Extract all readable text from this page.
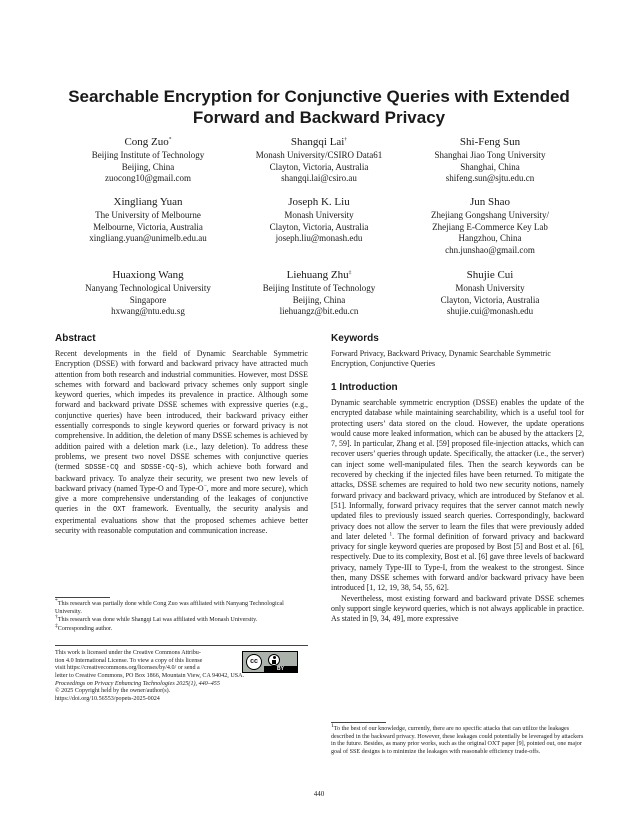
Searchable Encryption for Conjunctive Queries with Extended
Forward and Backward Privacy
Cong Zuo*
Beijing Institute of Technology
Beijing, China
zuocong10@gmail.com
Shangqi Lai†
Monash University/CSIRO Data61
Clayton, Victoria, Australia
shangqi.lai@csiro.au
Shi-Feng Sun
Shanghai Jiao Tong University
Shanghai, China
shifeng.sun@sjtu.edu.cn
Xingliang Yuan
The University of Melbourne
Melbourne, Victoria, Australia
xingliang.yuan@unimelb.edu.au
Joseph K. Liu
Monash University
Clayton, Victoria, Australia
joseph.liu@monash.edu
Jun Shao
Zhejiang Gongshang University/
Zhejiang E-Commerce Key Lab
Hangzhou, China
chn.junshao@gmail.com
Huaxiong Wang
Nanyang Technological University
Singapore
hxwang@ntu.edu.sg
Liehuang Zhu‡
Beijing Institute of Technology
Beijing, China
liehuangz@bit.edu.cn
Shujie Cui
Monash University
Clayton, Victoria, Australia
shujie.cui@monash.edu
Abstract

Recent developments in the field of Dynamic Searchable Symmetric Encryption (DSSE) with forward and backward privacy have attracted much attention from both research and industrial communities. However, most DSSE schemes with forward and backward privacy schemes only support single keyword queries, which impedes its prevalence in practice. Although some forward and backward private DSSE schemes with expressive queries (e.g., conjunctive queries) have been introduced, their backward privacy either essentially corresponds to single keyword queries or forward privacy is not comprehensive. In addition, the deletion of many DSSE schemes is achieved by addition paired with a deletion mark (i.e., lazy deletion). To address these problems, we present two novel DSSE schemes with conjunctive queries (termed SDSSE-CQ and SDSSE-CQ-S), which achieve both forward and backward privacy. To analyze their security, we present two new levels of backward privacy (named Type-O and Type-O−, more and more secure), which give a more comprehensive understanding of the leakages of conjunctive queries in the OXT framework. Eventually, the security analysis and experimental evaluations show that the proposed schemes achieve better security with reasonable computation and communication increase.

*This research was partially done while Cong Zuo was affiliated with Nanyang Technological University.

†This research was done while Shangqi Lai was affiliated with Monash University.

‡Corresponding author.

This work is licensed under the Creative Commons Attribu-

tion 4.0 International License. To view a copy of this license

visit https://creativecommons.org/licenses/by/4.0/ or send a

letter to Creative Commons, PO Box 1866, Mountain View, CA 94042, USA.

Proceedings on Privacy Enhancing Technologies 2025(1), 440–455

© 2025 Copyright held by the owner/author(s).

https://doi.org/10.56553/popets-2025-0024

cc
BY
Keywords
Forward Privacy, Backward Privacy, Dynamic Searchable Symmetric Encryption, Conjunctive Queries
1 Introduction

Dynamic searchable symmetric encryption (DSSE) enables the update of the encrypted database while maintaining searchability, which is a useful tool for protecting users’ data stored on the cloud. However, the update operations would cause more leaked information, which can be abused by the attackers [2, 7, 59]. In particular, Zhang et al. [59] proposed file-injection attacks, which can recover users’ queries through update. Specifically, the attacker (i.e., the server) can inject some well-manipulated files. Then the search keywords can be recovered by checking if the injected files have been returned. To mitigate the attacks, DSSE schemes are required to hold two new security notions, namely forward privacy and backward privacy, which are introduced by Stefanov et al. [51]. Informally, forward privacy requires that the server cannot match newly updated files to previously issued search queries. Correspondingly, backward privacy does not allow the server to learn the files that were previously added and later deleted $^1$. The formal definition of forward privacy and backward privacy for single keyword queries are proposed by Bost [5] and Bost et al. [6], respectively. Due to its complexity, Bost et al. [6] gave three levels of backward privacy, namely Type-III to Type-I, from the weakest to the strongest. Since then, many DSSE schemes with forward and/or backward privacy have been introduced [1, 12, 19, 38, 54, 55, 62].

Nevertheless, most existing forward and backward private DSSE schemes only support single keyword queries, which is not always applicable in practice. As stated in [9, 34, 49], more expressive

$^1$To the best of our knowledge, currently, there are no specific attacks that can utilize the leakages described in the backward privacy. However, these leakages could potentially be leveraged by attackers in the future. Besides, as many prior works, such as the original OXT paper [9], pointed out, one major goal of SSE designs is to minimize the leakages with reasonable efficiency trade-offs.

440
